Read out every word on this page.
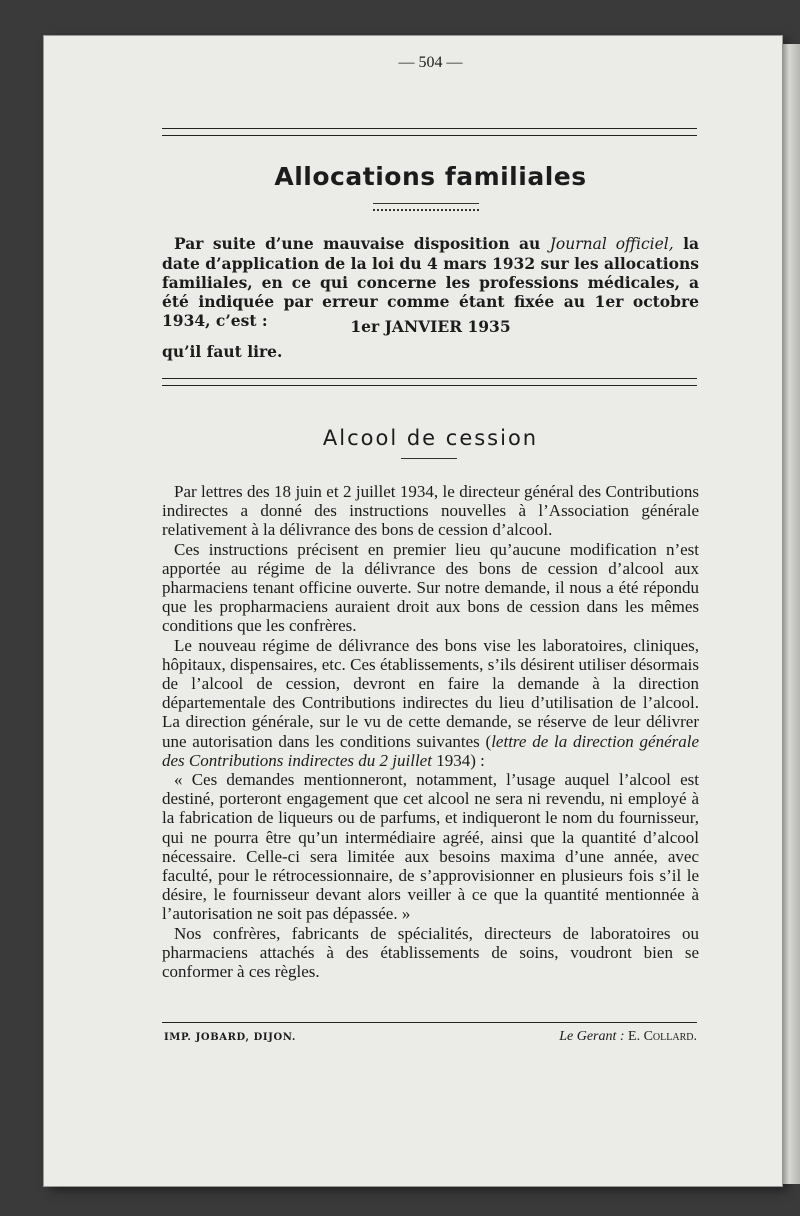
— 504 —
Allocations familiales
Par suite d’une mauvaise disposition au Journal officiel, la date d’application de la loi du 4 mars 1932 sur les allocations familiales, en ce qui concerne les professions médicales, a été indiquée par erreur comme étant fixée au 1er octobre 1934, c’est :	1er JANVIER 1935
qu’il faut lire.
Alcool de cession

Par lettres des 18 juin et 2 juillet 1934, le directeur général des Contributions indirectes a donné des instructions nouvelles à l’Association générale relativement à la délivrance des bons de cession d’alcool.

Ces instructions précisent en premier lieu qu’aucune modification n’est apportée au régime de la délivrance des bons de cession d’alcool aux pharmaciens tenant officine ouverte. Sur notre demande, il nous a été répondu que les propharmaciens auraient droit aux bons de cession dans les mêmes conditions que les confrères.

Le nouveau régime de délivrance des bons vise les laboratoires, cliniques, hôpitaux, dispensaires, etc. Ces établissements, s’ils désirent utiliser désormais de l’alcool de cession, devront en faire la demande à la direction départementale des Contributions indirectes du lieu d’utilisation de l’alcool. La direction générale, sur le vu de cette demande, se réserve de leur délivrer une autorisation dans les conditions suivantes (lettre de la direction générale des Contributions indirectes du 2 juillet 1934) :

« Ces demandes mentionneront, notamment, l’usage auquel l’alcool est destiné, porteront engagement que cet alcool ne sera ni revendu, ni employé à la fabrication de liqueurs ou de parfums, et indiqueront le nom du fournisseur, qui ne pourra être qu’un intermédiaire agréé, ainsi que la quantité d’alcool nécessaire. Celle-ci sera limitée aux besoins maxima d’une année, avec faculté, pour le rétrocessionnaire, de s’approvisionner en plusieurs fois s’il le désire, le fournisseur devant alors veiller à ce que la quantité mentionnée à l’autorisation ne soit pas dépassée. »

Nos confrères, fabricants de spécialités, directeurs de laboratoires ou pharmaciens attachés à des établissements de soins, voudront bien se conformer à ces règles.

IMP. JOBARD, DIJON.	Le Gerant : E. Collard.
